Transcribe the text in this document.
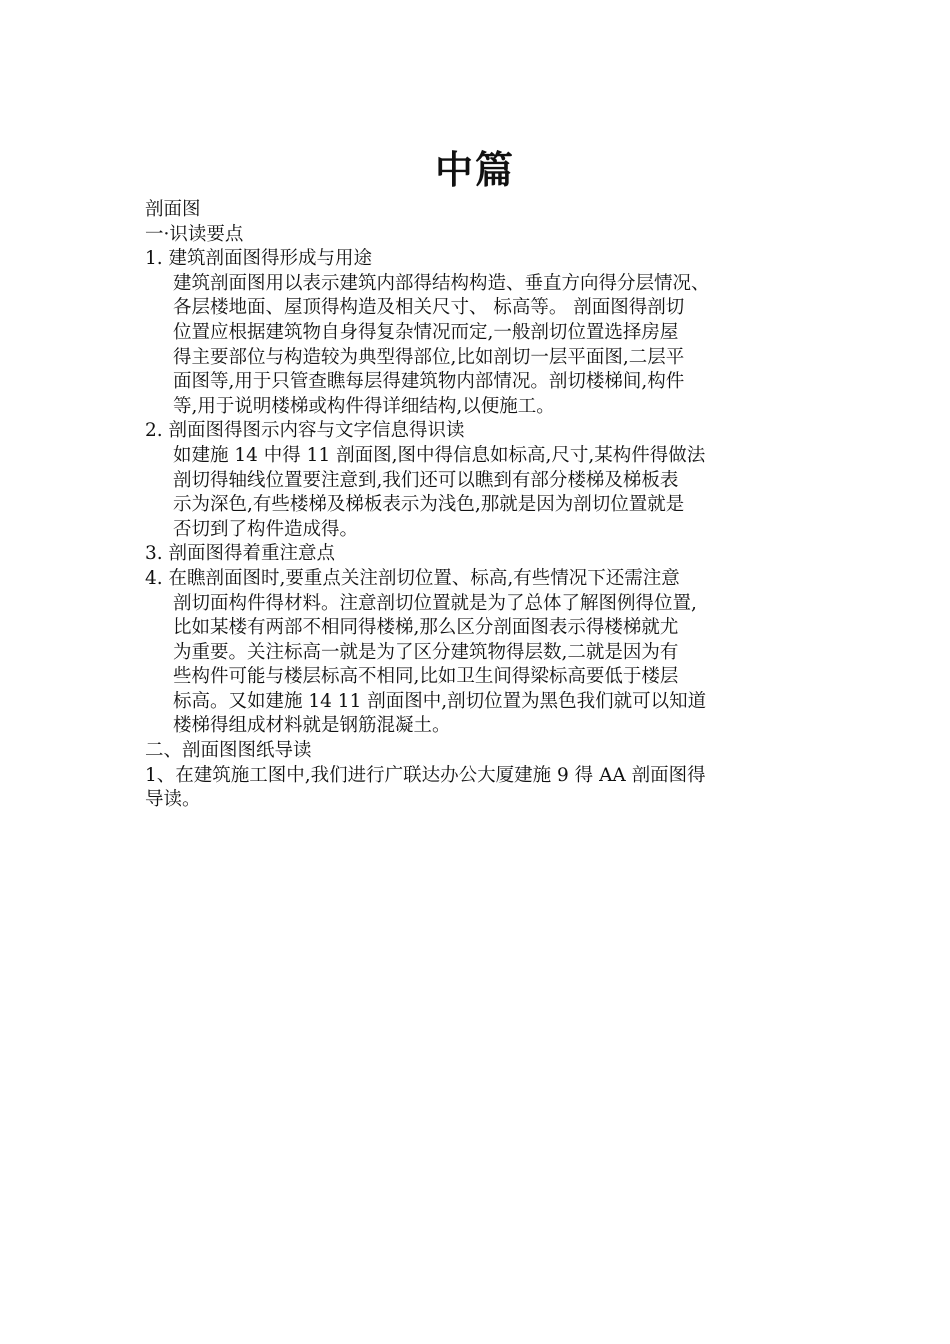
中篇
剖面图
一·识读要点
1. 建筑剖面图得形成与用途
建筑剖面图用以表示建筑内部得结构构造、垂直方向得分层情况、
各层楼地面、屋顶得构造及相关尺寸、 标高等。 剖面图得剖切
位置应根据建筑物自身得复杂情况而定,一般剖切位置选择房屋
得主要部位与构造较为典型得部位,比如剖切一层平面图,二层平
面图等,用于只管查瞧每层得建筑物内部情况。剖切楼梯间,构件
等,用于说明楼梯或构件得详细结构,以便施工。
2. 剖面图得图示内容与文字信息得识读
如建施 14 中得 11 剖面图,图中得信息如标高,尺寸,某构件得做法
剖切得轴线位置要注意到,我们还可以瞧到有部分楼梯及梯板表
示为深色,有些楼梯及梯板表示为浅色,那就是因为剖切位置就是
否切到了构件造成得。
3. 剖面图得着重注意点
4. 在瞧剖面图时,要重点关注剖切位置、标高,有些情况下还需注意
剖切面构件得材料。注意剖切位置就是为了总体了解图例得位置,
比如某楼有两部不相同得楼梯,那么区分剖面图表示得楼梯就尤
为重要。关注标高一就是为了区分建筑物得层数,二就是因为有
些构件可能与楼层标高不相同,比如卫生间得梁标高要低于楼层
标高。又如建施 14 11 剖面图中,剖切位置为黑色我们就可以知道
楼梯得组成材料就是钢筋混凝土。
二、剖面图图纸导读
1、在建筑施工图中,我们进行广联达办公大厦建施 9 得 AA 剖面图得
导读。
